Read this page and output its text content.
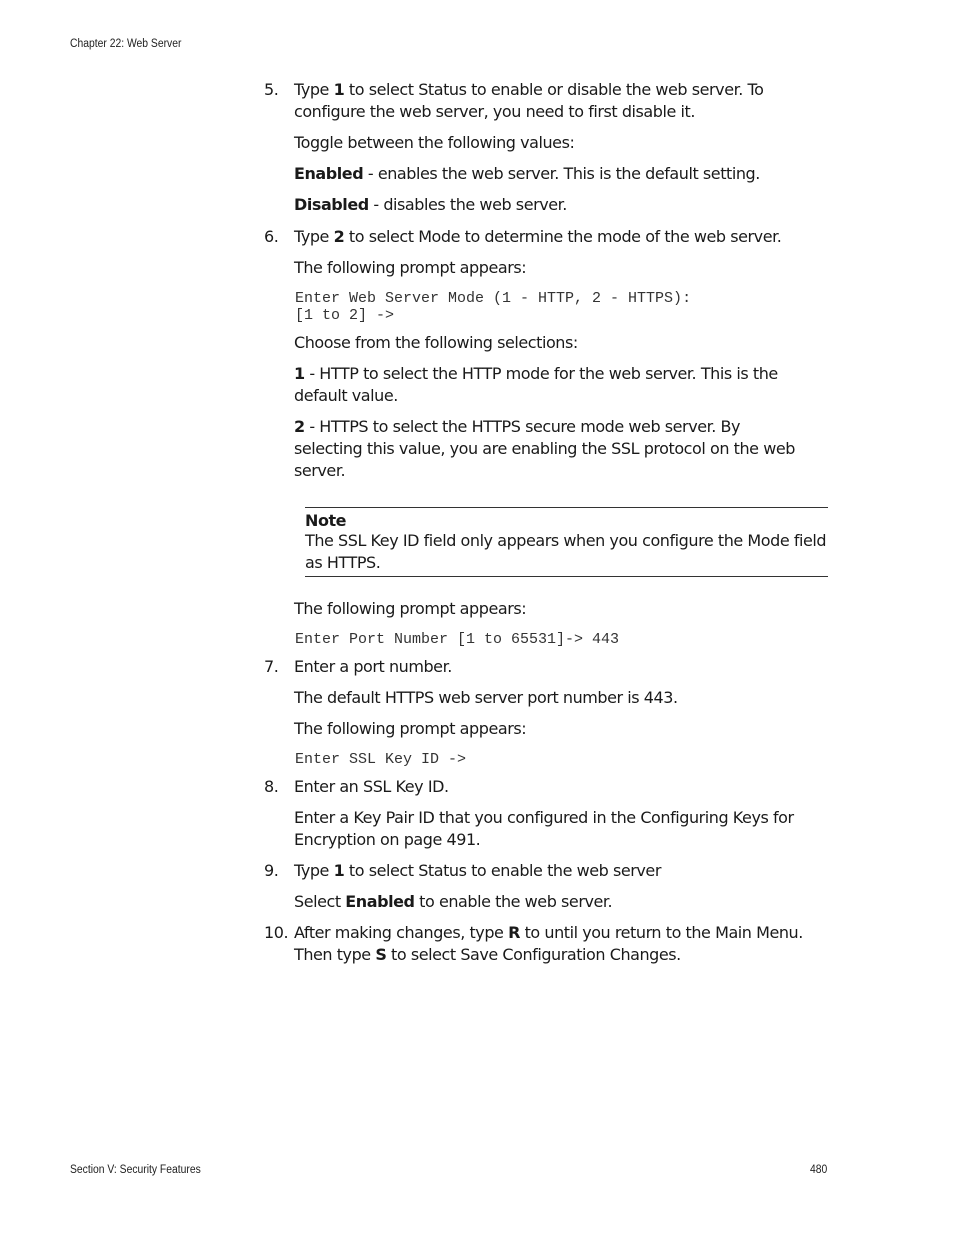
Chapter 22: Web Server

5. Type 1 to select Status to enable or disable the web server. To configure the web server, you need to first disable it.

Toggle between the following values:

Enabled - enables the web server. This is the default setting.

Disabled - disables the web server.

6. Type 2 to select Mode to determine the mode of the web server.

The following prompt appears:

Enter Web Server Mode (1 - HTTP, 2 - HTTPS):
[1 to 2] ->

Choose from the following selections:

1 - HTTP to select the HTTP mode for the web server. This is the default value.

2 - HTTPS to select the HTTPS secure mode web server. By selecting this value, you are enabling the SSL protocol on the web server.

Note
The SSL Key ID field only appears when you configure the Mode field as HTTPS.

The following prompt appears:

Enter Port Number [1 to 65531]-> 443

7. Enter a port number.

The default HTTPS web server port number is 443.

The following prompt appears:

Enter SSL Key ID ->

8. Enter an SSL Key ID.

Enter a Key Pair ID that you configured in the Configuring Keys for Encryption on page 491.

9. Type 1 to select Status to enable the web server

Select Enabled to enable the web server.

10. After making changes, type R to until you return to the Main Menu. Then type S to select Save Configuration Changes.

Section V: Security Features	480
